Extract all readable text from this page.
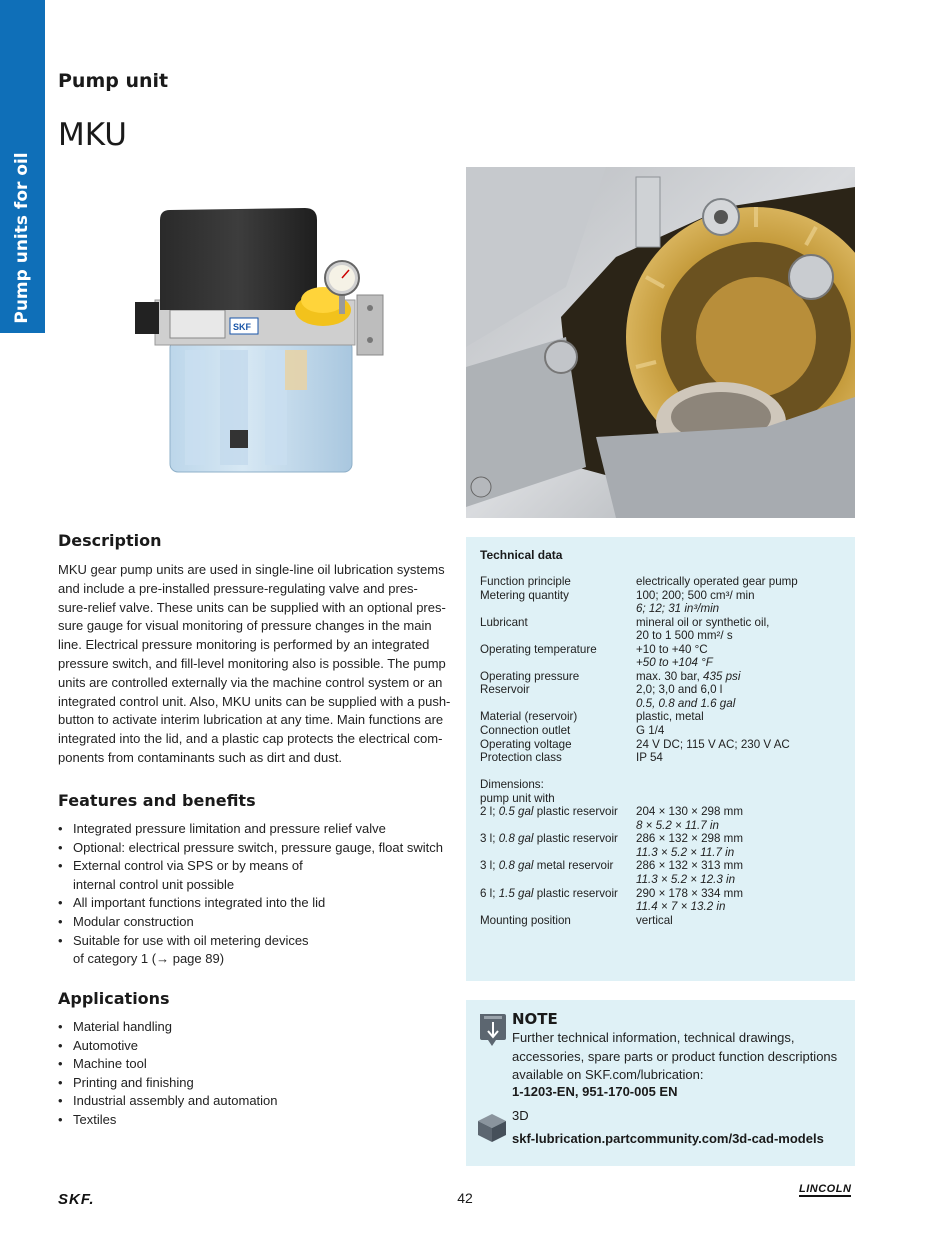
Pump units for oil
Pump unit
MKU
SKF
Description
MKU gear pump units are used in single-line oil lubrication systems
and include a pre-installed pressure-regulating valve and pres-
sure-relief valve. These units can be supplied with an optional pres-
sure gauge for visual monitoring of pressure changes in the main
line. Electrical pressure monitoring is performed by an integrated
pressure switch, and fill-level monitoring also is possible. The pump
units are controlled externally via the machine control system or an
integrated control unit. Also, MKU units can be supplied with a push-
button to activate interim lubrication at any time. Main functions are
integrated into the lid, and a plastic cap protects the electrical com-
ponents from contaminants such as dirt and dust.
Features and benefits
• Integrated pressure limitation and pressure relief valve
• Optional: electrical pressure switch, pressure gauge, float switch
• External control via SPS or by means of
internal control unit possible
• All important functions integrated into the lid
• Modular construction
• Suitable for use with oil metering devices
of category 1 (→ page 89)
Applications
• Material handling
• Automotive
• Machine tool
• Printing and finishing
• Industrial assembly and automation
• Textiles
Technical data
Function principle	electrically operated gear pump
Metering quantity	100; 200; 500 cm³/ min
6; 12; 31 in³/min
Lubricant	mineral oil or synthetic oil,
20 to 1 500 mm²/ s
Operating temperature	+10 to +40 °C
+50 to +104 °F
Operating pressure	max. 30 bar, 435 psi
Reservoir	2,0; 3,0 and 6,0 l
0.5, 0.8 and 1.6 gal
Material (reservoir)	plastic, metal
Connection outlet	G 1/4
Operating voltage	24 V DC; 115 V AC; 230 V AC
Protection class	IP 54
Dimensions:
pump unit with
2 l; 0.5 gal plastic reservoir	204 × 130 × 298 mm
8 × 5.2 × 11.7 in
3 l; 0.8 gal plastic reservoir	286 × 132 × 298 mm
11.3 × 5.2 × 11.7 in
3 l; 0.8 gal metal reservoir	286 × 132 × 313 mm
11.3 × 5.2 × 12.3 in
6 l; 1.5 gal plastic reservoir	290 × 178 × 334 mm
11.4 × 7 × 13.2 in
Mounting position	vertical
NOTE
Further technical information, technical drawings,
accessories, spare parts or product function descriptions
available on SKF.com/lubrication:
1-1203-EN, 951-170-005 EN
3D
skf-lubrication.partcommunity.com/3d-cad-models
SKF.	42
LINCOLN
